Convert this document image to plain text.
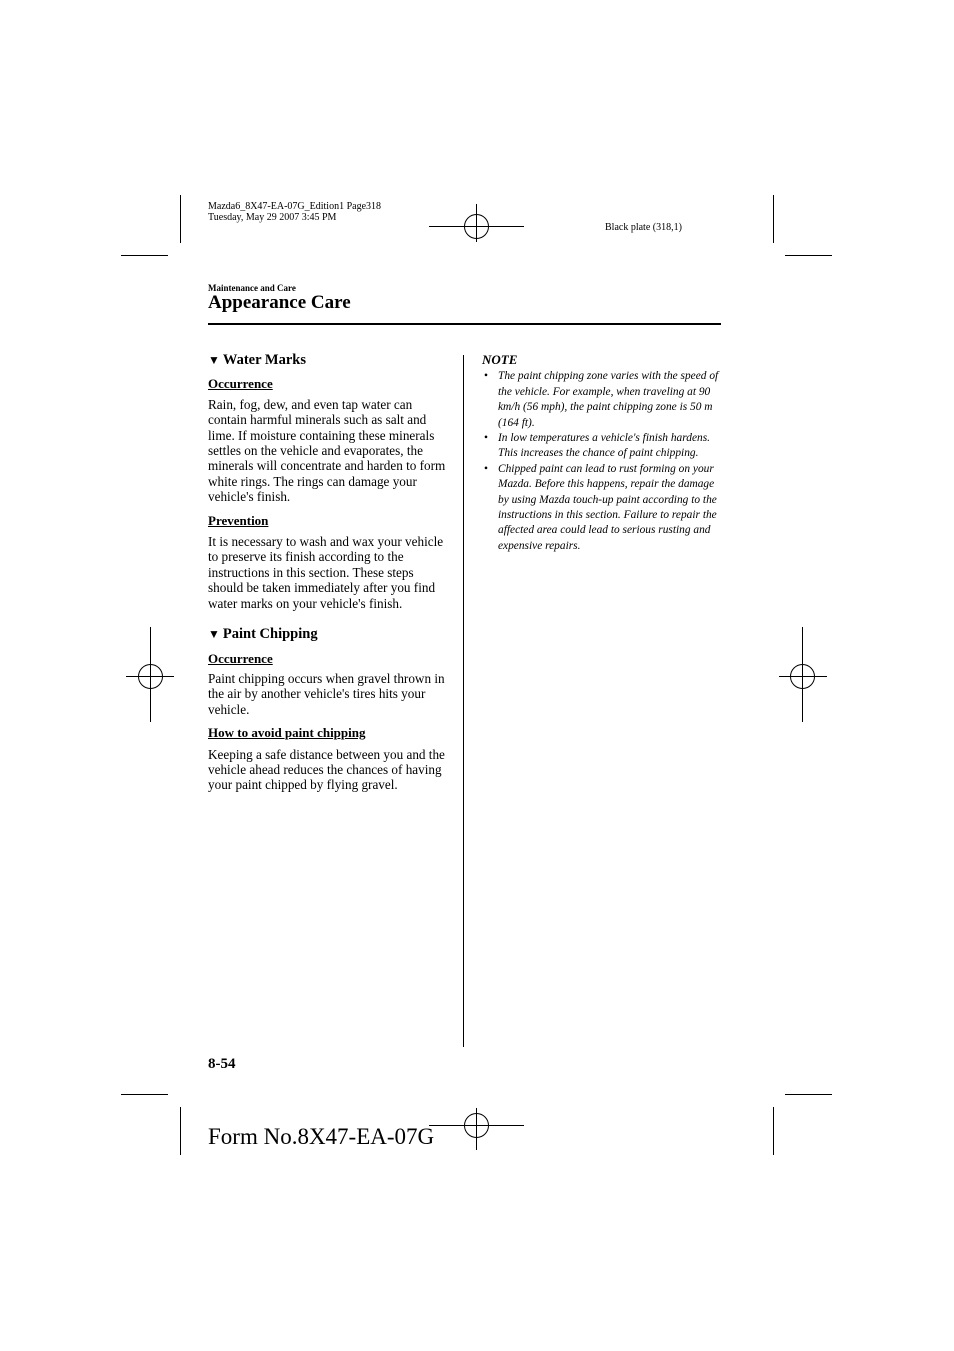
Mazda6_8X47-EA-07G_Edition1 Page318
Tuesday, May 29 2007 3:45 PM
Black plate (318,1)
Maintenance and Care
Appearance Care
▼ Water Marks
Occurrence

Rain, fog, dew, and even tap water can contain harmful minerals such as salt and lime. If moisture containing these minerals settles on the vehicle and evaporates, the minerals will concentrate and harden to form white rings. The rings can damage your vehicle's finish.

Prevention

It is necessary to wash and wax your vehicle to preserve its finish according to the instructions in this section. These steps should be taken immediately after you find water marks on your vehicle's finish.

▼ Paint Chipping
Occurrence

Paint chipping occurs when gravel thrown in the air by another vehicle's tires hits your vehicle.

How to avoid paint chipping

Keeping a safe distance between you and the vehicle ahead reduces the chances of having your paint chipped by flying gravel.

NOTE
• The paint chipping zone varies with the speed of the vehicle. For example, when traveling at 90 km/h (56 mph), the paint chipping zone is 50 m (164 ft).
• In low temperatures a vehicle's finish hardens. This increases the chance of paint chipping.
• Chipped paint can lead to rust forming on your Mazda. Before this happens, repair the damage by using Mazda touch-up paint according to the instructions in this section. Failure to repair the affected area could lead to serious rusting and expensive repairs.
8-54
Form No.8X47-EA-07G
